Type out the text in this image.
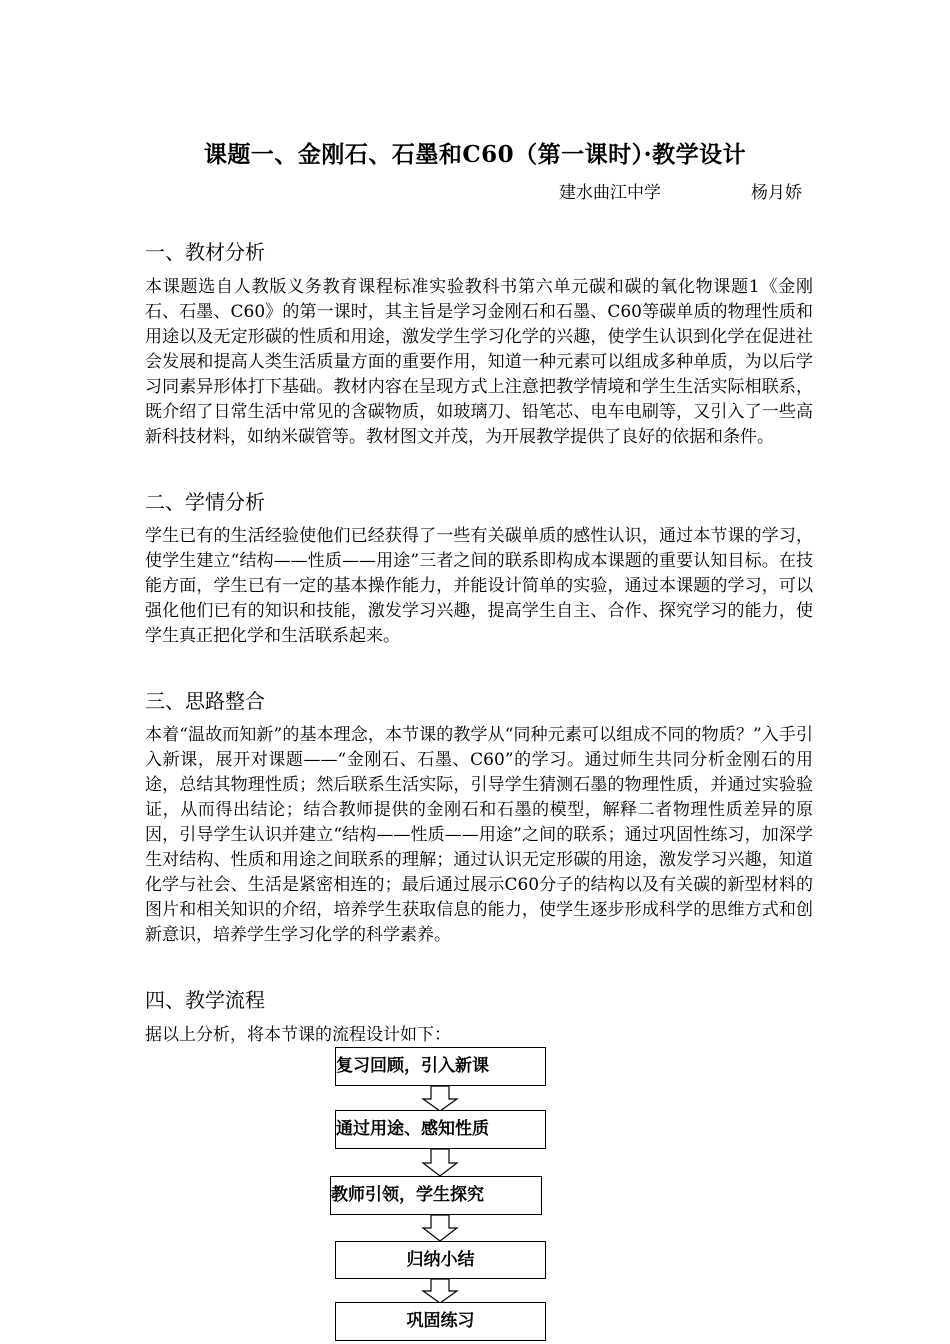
课题一、金刚石、石墨和C60（第一课时）·教学设计
建水曲江中学	杨月娇
一、教材分析
本课题选自人教版义务教育课程标准实验教科书第六单元碳和碳的氧化物课题1《金刚石、石墨、C60》的第一课时，其主旨是学习金刚石和石墨、C60等碳单质的物理性质和用途以及无定形碳的性质和用途，激发学生学习化学的兴趣，使学生认识到化学在促进社会发展和提高人类生活质量方面的重要作用，知道一种元素可以组成多种单质，为以后学习同素异形体打下基础。教材内容在呈现方式上注意把教学情境和学生生活实际相联系， 既介绍了日常生活中常见的含碳物质，如玻璃刀、铅笔芯、电车电刷等，又引入了一些高新科技材料，如纳米碳管等。教材图文并茂，为开展教学提供了良好的依据和条件。
二、学情分析
学生已有的生活经验使他们已经获得了一些有关碳单质的感性认识，通过本节课的学习，使学生建立“结构——性质——用途”三者之间的联系即构成本课题的重要认知目标。在技能方面，学生已有一定的基本操作能力，并能设计简单的实验，通过本课题的学习，可以强化他们已有的知识和技能，激发学习兴趣，提高学生自主、合作、探究学习的能力，使学生真正把化学和生活联系起来。
三、思路整合
本着“温故而知新”的基本理念，本节课的教学从“同种元素可以组成不同的物质？”入手引入新课，展开对课题——“金刚石、石墨、C60”的学习。通过师生共同分析金刚石的用途，总结其物理性质；然后联系生活实际，引导学生猜测石墨的物理性质，并通过实验验证，从而得出结论；结合教师提供的金刚石和石墨的模型，解释二者物理性质差异的原因，引导学生认识并建立“结构——性质——用途”之间的联系；通过巩固性练习，加深学生对结构、性质和用途之间联系的理解；通过认识无定形碳的用途，激发学习兴趣，知道化学与社会、生活是紧密相连的；最后通过展示C60分子的结构以及有关碳的新型材料的图片和相关知识的介绍，培养学生获取信息的能力，使学生逐步形成科学的思维方式和创新意识，培养学生学习化学的科学素养。
四、教学流程
据以上分析，将本节课的流程设计如下：
复习回顾，引入新课
通过用途、感知性质
教师引领，学生探究
归纳小结
巩固练习
